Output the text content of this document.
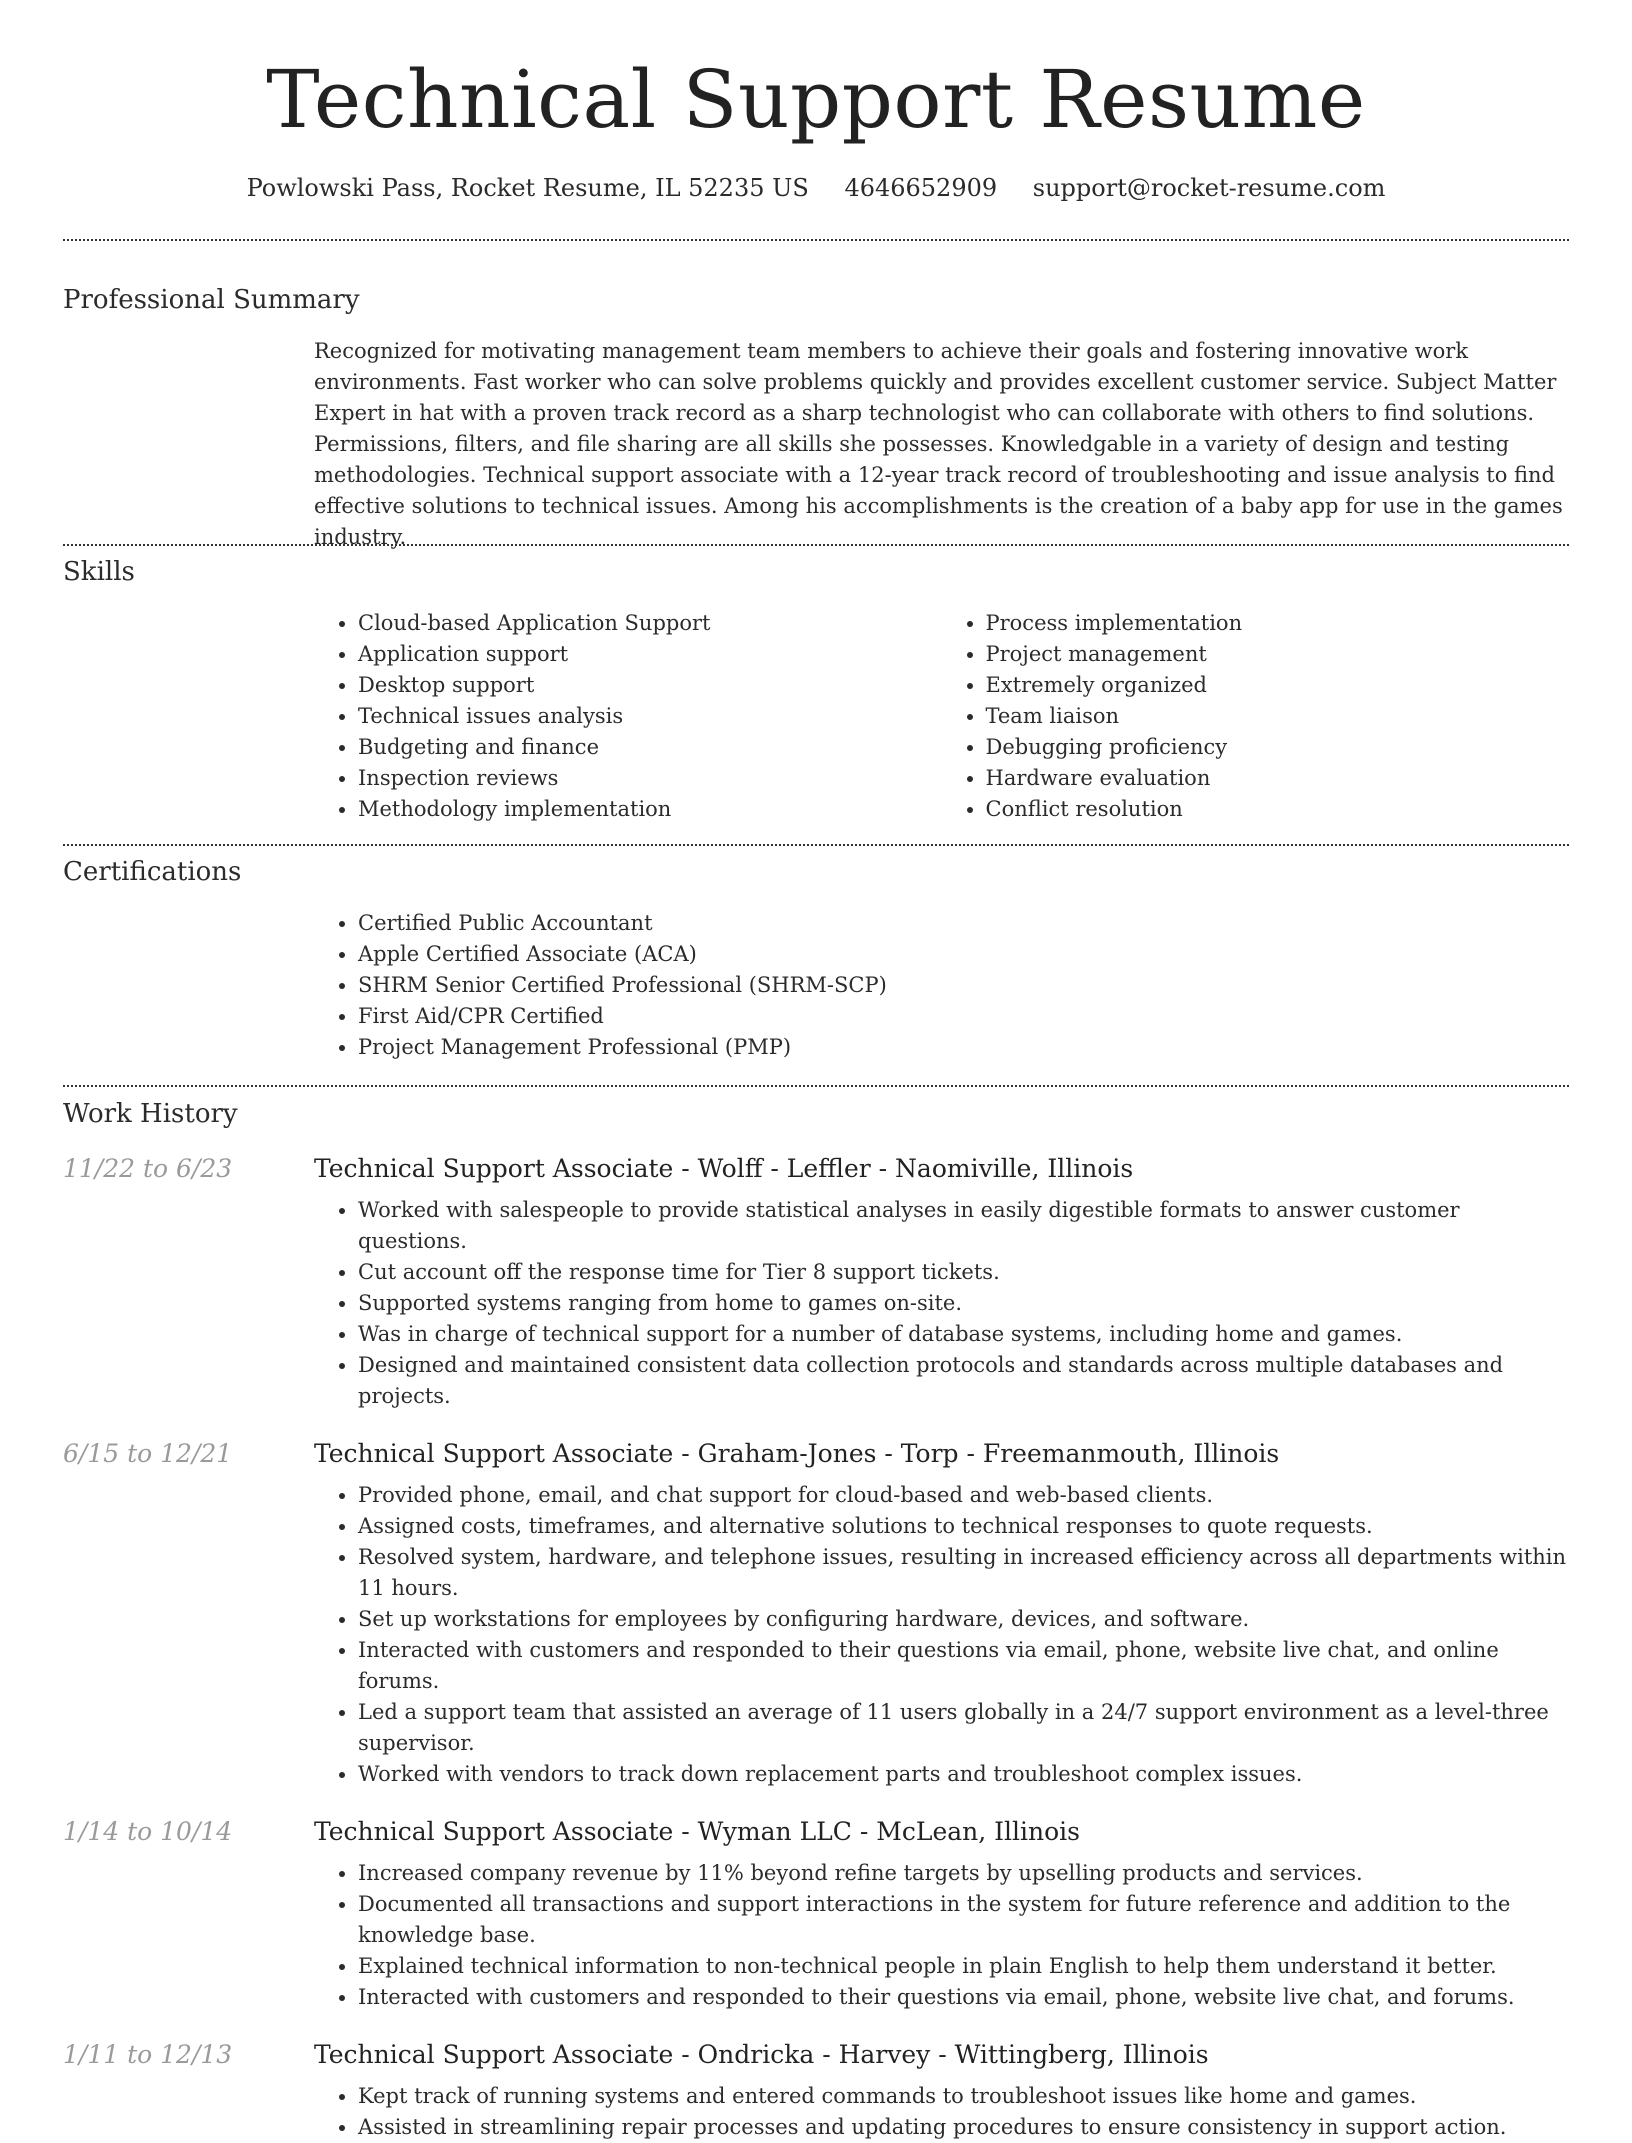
Technical Support Resume
Powlowski Pass, Rocket Resume, IL 52235 US 4646652909 support@rocket-resume.com
Professional Summary

Recognized for motivating management team members to achieve their goals and fostering innovative work environments. Fast worker who can solve problems quickly and provides excellent customer service. Subject Matter Expert in hat with a proven track record as a sharp technologist who can collaborate with others to find solutions. Permissions, filters, and file sharing are all skills she possesses. Knowledgable in a variety of design and testing methodologies. Technical support associate with a 12-year track record of troubleshooting and issue analysis to find effective solutions to technical issues. Among his accomplishments is the creation of a baby app for use in the games industry.

Skills
• Cloud-based Application Support
• Application support
• Desktop support
• Technical issues analysis
• Budgeting and finance
• Inspection reviews
• Methodology implementation
• Process implementation
• Project management
• Extremely organized
• Team liaison
• Debugging proficiency
• Hardware evaluation
• Conflict resolution
Certifications
• Certified Public Accountant
• Apple Certified Associate (ACA)
• SHRM Senior Certified Professional (SHRM-SCP)
• First Aid/CPR Certified
• Project Management Professional (PMP)
Work History
11/22 to 6/23	Technical Support Associate - Wolff - Leffler - Naomiville, Illinois
• Worked with salespeople to provide statistical analyses in easily digestible formats to answer customer questions.
• Cut account off the response time for Tier 8 support tickets.
• Supported systems ranging from home to games on-site.
• Was in charge of technical support for a number of database systems, including home and games.
• Designed and maintained consistent data collection protocols and standards across multiple databases and projects.
6/15 to 12/21	Technical Support Associate - Graham-Jones - Torp - Freemanmouth, Illinois
• Provided phone, email, and chat support for cloud-based and web-based clients.
• Assigned costs, timeframes, and alternative solutions to technical responses to quote requests.
• Resolved system, hardware, and telephone issues, resulting in increased efficiency across all departments within 11 hours.
• Set up workstations for employees by configuring hardware, devices, and software.
• Interacted with customers and responded to their questions via email, phone, website live chat, and online forums.
• Led a support team that assisted an average of 11 users globally in a 24/7 support environment as a level-three supervisor.
• Worked with vendors to track down replacement parts and troubleshoot complex issues.
1/14 to 10/14	Technical Support Associate - Wyman LLC - McLean, Illinois
• Increased company revenue by 11% beyond refine targets by upselling products and services.
• Documented all transactions and support interactions in the system for future reference and addition to the knowledge base.
• Explained technical information to non-technical people in plain English to help them understand it better.
• Interacted with customers and responded to their questions via email, phone, website live chat, and forums.
1/11 to 12/13	Technical Support Associate - Ondricka - Harvey - Wittingberg, Illinois
• Kept track of running systems and entered commands to troubleshoot issues like home and games.
• Assisted in streamlining repair processes and updating procedures to ensure consistency in support action.
